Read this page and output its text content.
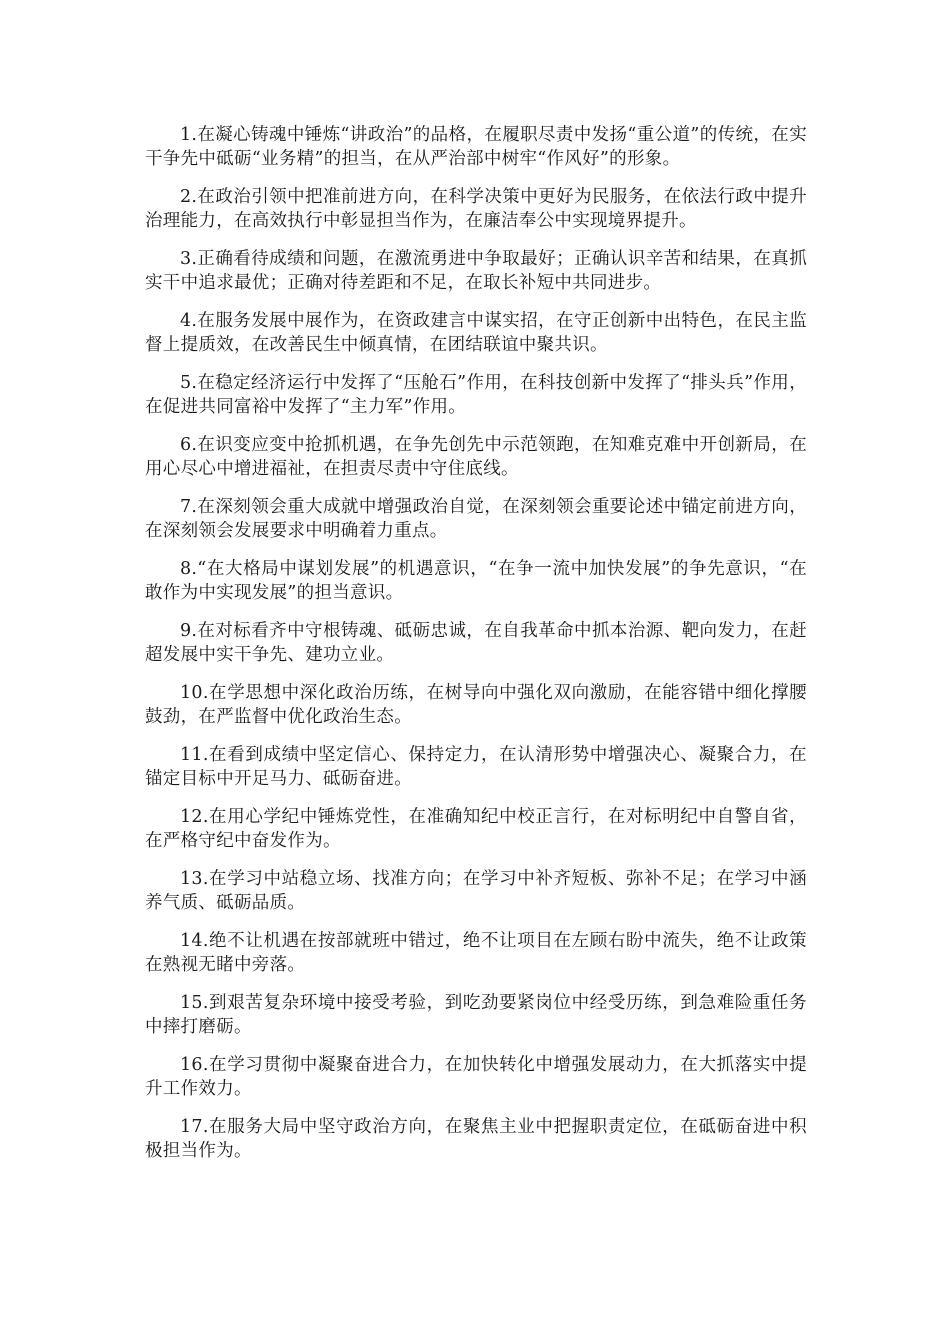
1.在凝心铸魂中锤炼“讲政治”的品格，在履职尽责中发扬“重公道”的传统，在实干争先中砥砺“业务精”的担当，在从严治部中树牢“作风好”的形象。

2.在政治引领中把准前进方向，在科学决策中更好为民服务，在依法行政中提升治理能力，在高效执行中彰显担当作为，在廉洁奉公中实现境界提升。

3.正确看待成绩和问题，在激流勇进中争取最好；正确认识辛苦和结果，在真抓实干中追求最优；正确对待差距和不足，在取长补短中共同进步。

4.在服务发展中展作为，在资政建言中谋实招，在守正创新中出特色，在民主监督上提质效，在改善民生中倾真情，在团结联谊中聚共识。

5.在稳定经济运行中发挥了“压舱石”作用，在科技创新中发挥了“排头兵”作用，在促进共同富裕中发挥了“主力军”作用。

6.在识变应变中抢抓机遇，在争先创先中示范领跑，在知难克难中开创新局，在用心尽心中增进福祉，在担责尽责中守住底线。

7.在深刻领会重大成就中增强政治自觉，在深刻领会重要论述中锚定前进方向，在深刻领会发展要求中明确着力重点。

8.“在大格局中谋划发展”的机遇意识，“在争一流中加快发展”的争先意识，“在敢作为中实现发展”的担当意识。

9.在对标看齐中守根铸魂、砥砺忠诚，在自我革命中抓本治源、靶向发力，在赶超发展中实干争先、建功立业。

10.在学思想中深化政治历练，在树导向中强化双向激励，在能容错中细化撑腰鼓劲，在严监督中优化政治生态。

11.在看到成绩中坚定信心、保持定力，在认清形势中增强决心、凝聚合力，在锚定目标中开足马力、砥砺奋进。

12.在用心学纪中锤炼党性，在准确知纪中校正言行，在对标明纪中自警自省，在严格守纪中奋发作为。

13.在学习中站稳立场、找准方向；在学习中补齐短板、弥补不足；在学习中涵养气质、砥砺品质。

14.绝不让机遇在按部就班中错过，绝不让项目在左顾右盼中流失，绝不让政策在熟视无睹中旁落。

15.到艰苦复杂环境中接受考验，到吃劲要紧岗位中经受历练，到急难险重任务中摔打磨砺。

16.在学习贯彻中凝聚奋进合力，在加快转化中增强发展动力，在大抓落实中提升工作效力。

17.在服务大局中坚守政治方向，在聚焦主业中把握职责定位，在砥砺奋进中积极担当作为。
